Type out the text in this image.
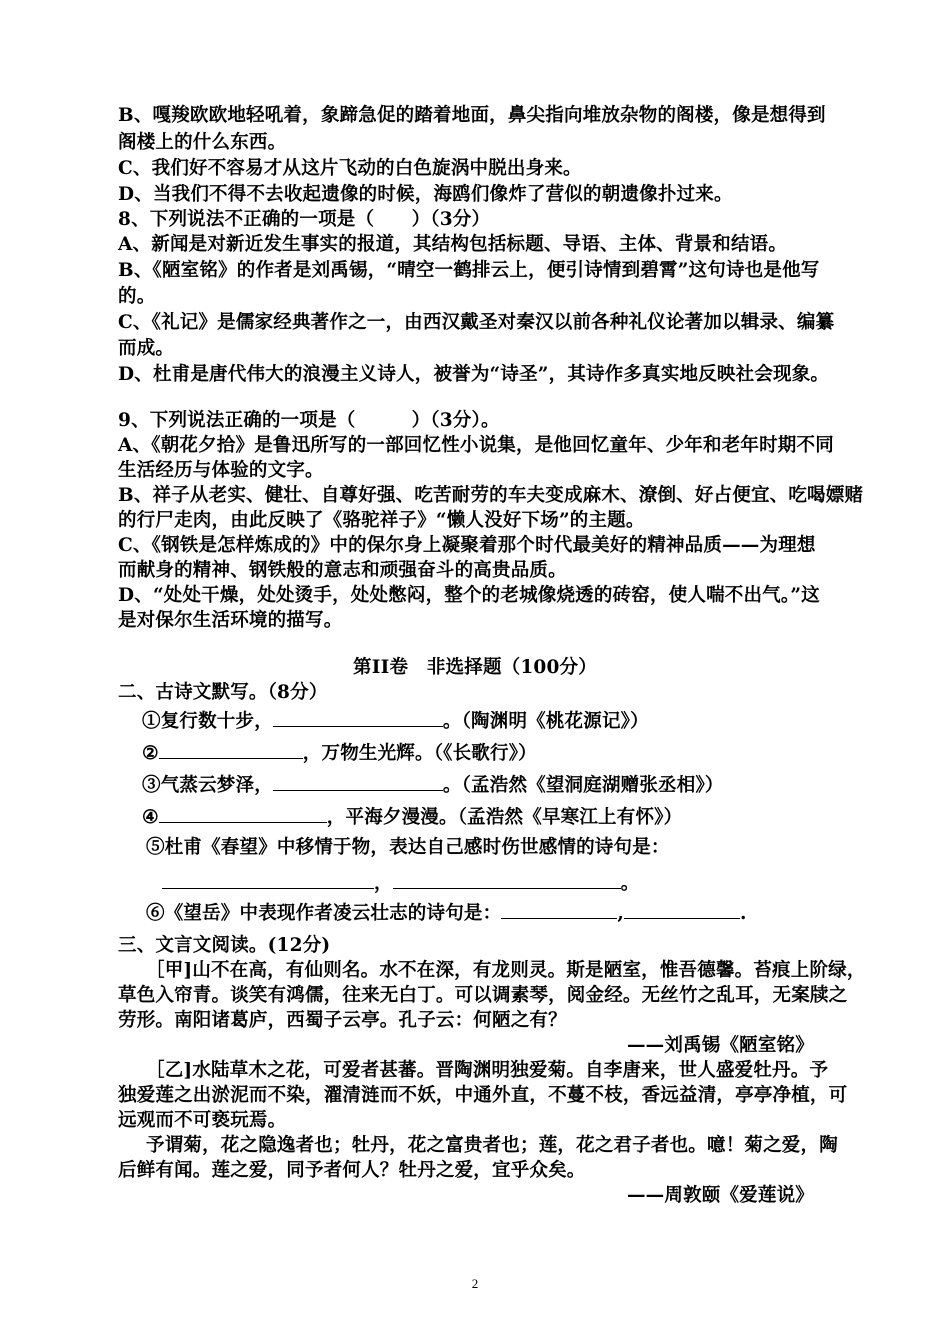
B、嘎羧欧欧地轻吼着，象蹄急促的踏着地面，鼻尖指向堆放杂物的阁楼，像是想得到
阁楼上的什么东西。
C、我们好不容易才从这片飞动的白色旋涡中脱出身来。
D、当我们不得不去收起遗像的时候，海鸥们像炸了营似的朝遗像扑过来。
8、下列说法不正确的一项是（　　）（3分）
A、新闻是对新近发生事实的报道，其结构包括标题、导语、主体、背景和结语。
B、《陋室铭》的作者是刘禹锡，“晴空一鹤排云上，便引诗情到碧霄”这句诗也是他写
的。
C、《礼记》是儒家经典著作之一，由西汉戴圣对秦汉以前各种礼仪论著加以辑录、编纂
而成。
D、杜甫是唐代伟大的浪漫主义诗人，被誉为“诗圣”，其诗作多真实地反映社会现象。
9、下列说法正确的一项是（　　　）（3分）。
A、《朝花夕拾》是鲁迅所写的一部回忆性小说集，是他回忆童年、少年和老年时期不同
生活经历与体验的文字。
B、祥子从老实、健壮、自尊好强、吃苦耐劳的车夫变成麻木、潦倒、好占便宜、吃喝嫖赌
的行尸走肉，由此反映了《骆驼祥子》“懒人没好下场”的主题。
C、《钢铁是怎样炼成的》中的保尔身上凝聚着那个时代最美好的精神品质——为理想
而献身的精神、钢铁般的意志和顽强奋斗的高贵品质。
D、“处处干燥，处处烫手，处处憋闷，整个的老城像烧透的砖窑，使人喘不出气。”这
是对保尔生活环境的描写。
第II卷　非选择题（100分）
二、古诗文默写。（8分）
①复行数十步，	。（陶渊明《桃花源记》）
②	，万物生光辉。（《长歌行》）
③气蒸云梦泽，	。（孟浩然《望洞庭湖赠张丞相》）
④	，平海夕漫漫。（孟浩然《早寒江上有怀》）
⑤杜甫《春望》中移情于物，表达自己感时伤世感情的诗句是：
，	。
⑥《望岳》中表现作者凌云壮志的诗句是：	,	.
三、文言文阅读。(12分)
［甲]山不在高，有仙则名。水不在深，有龙则灵。斯是陋室，惟吾德馨。苔痕上阶绿，
草色入帘青。谈笑有鸿儒，往来无白丁。可以调素琴，阅金经。无丝竹之乱耳，无案牍之
劳形。南阳诸葛庐，西蜀子云亭。孔子云：何陋之有？
——刘禹锡《陋室铭》
［乙]水陆草木之花，可爱者甚蕃。晋陶渊明独爱菊。自李唐来，世人盛爱牡丹。予
独爱莲之出淤泥而不染，濯清涟而不妖，中通外直，不蔓不枝，香远益清，亭亭净植，可
远观而不可亵玩焉。
予谓菊，花之隐逸者也；牡丹，花之富贵者也；莲，花之君子者也。噫！菊之爱，陶
后鲜有闻。莲之爱，同予者何人？牡丹之爱，宜乎众矣。
——周敦颐《爱莲说》
2
